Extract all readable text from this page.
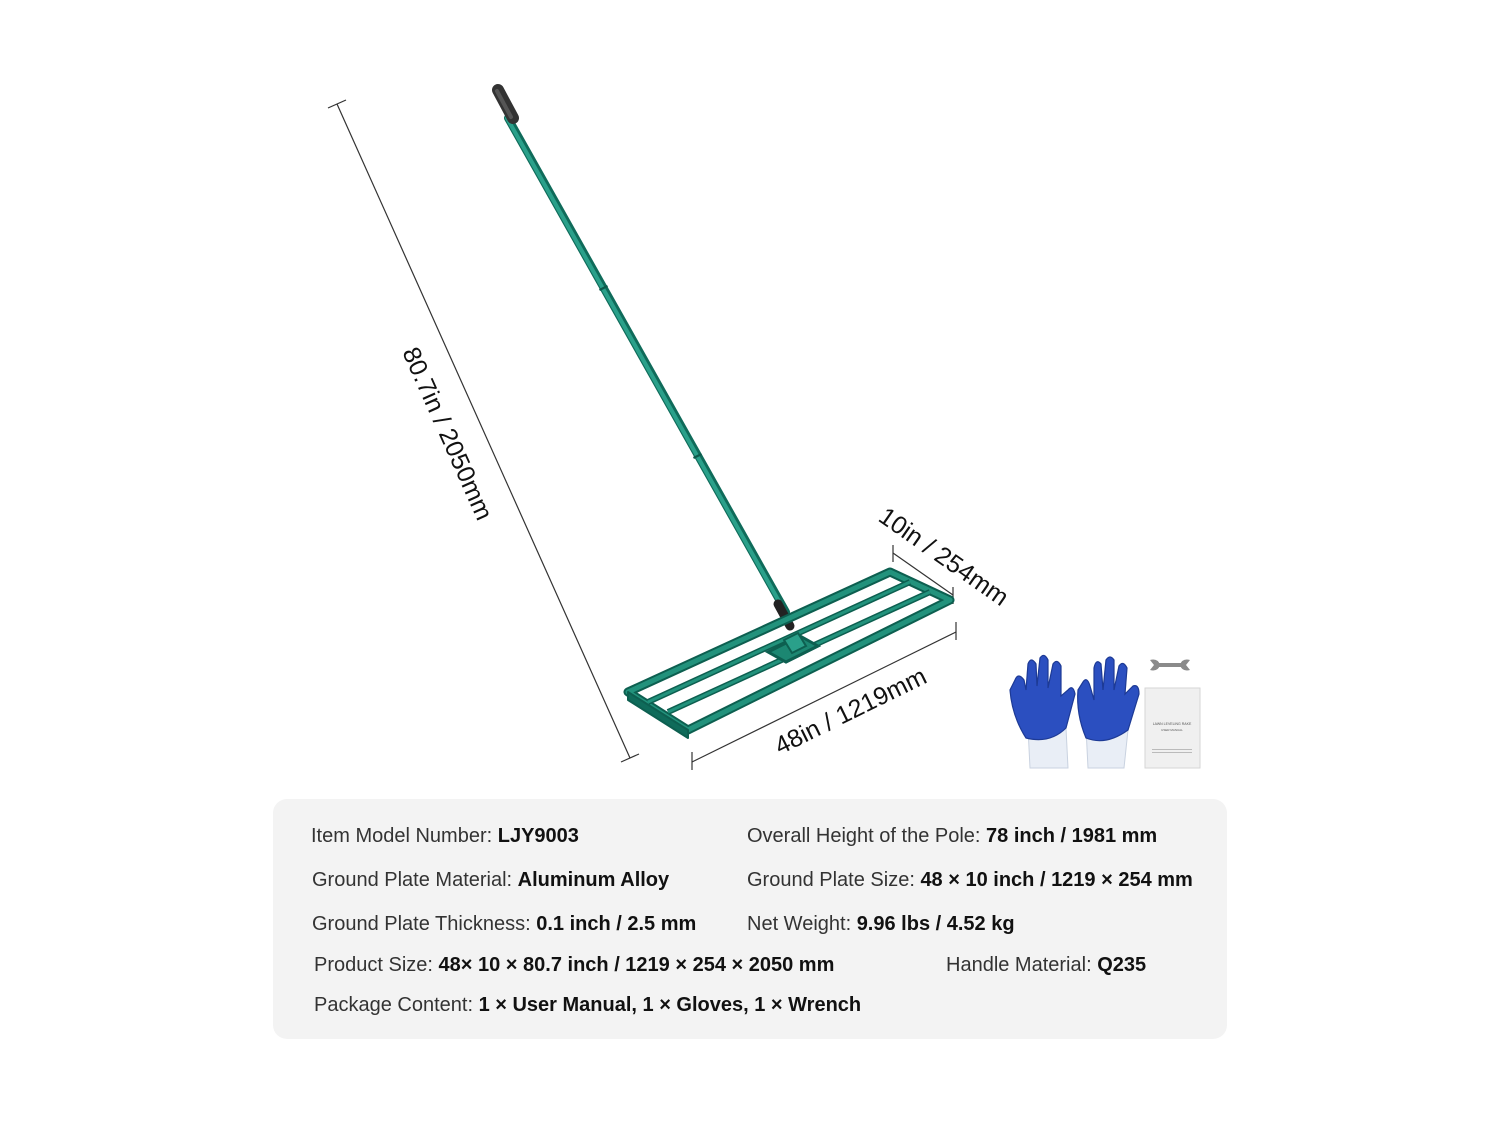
80.7in / 2050mm
48in / 1219mm
10in / 254mm
LAWN LEVELING RAKE
USER MANUAL
Item Model Number: LJY9003	Overall Height of the Pole: 78 inch / 1981 mm
Ground Plate Material: Aluminum Alloy	Ground Plate Size: 48 × 10 inch / 1219 × 254 mm
Ground Plate Thickness: 0.1 inch / 2.5 mm	Net Weight: 9.96 lbs / 4.52 kg
Product Size: 48× 10 × 80.7 inch / 1219 × 254 × 2050 mm	Handle Material: Q235
Package Content: 1 × User Manual, 1 × Gloves, 1 × Wrench
